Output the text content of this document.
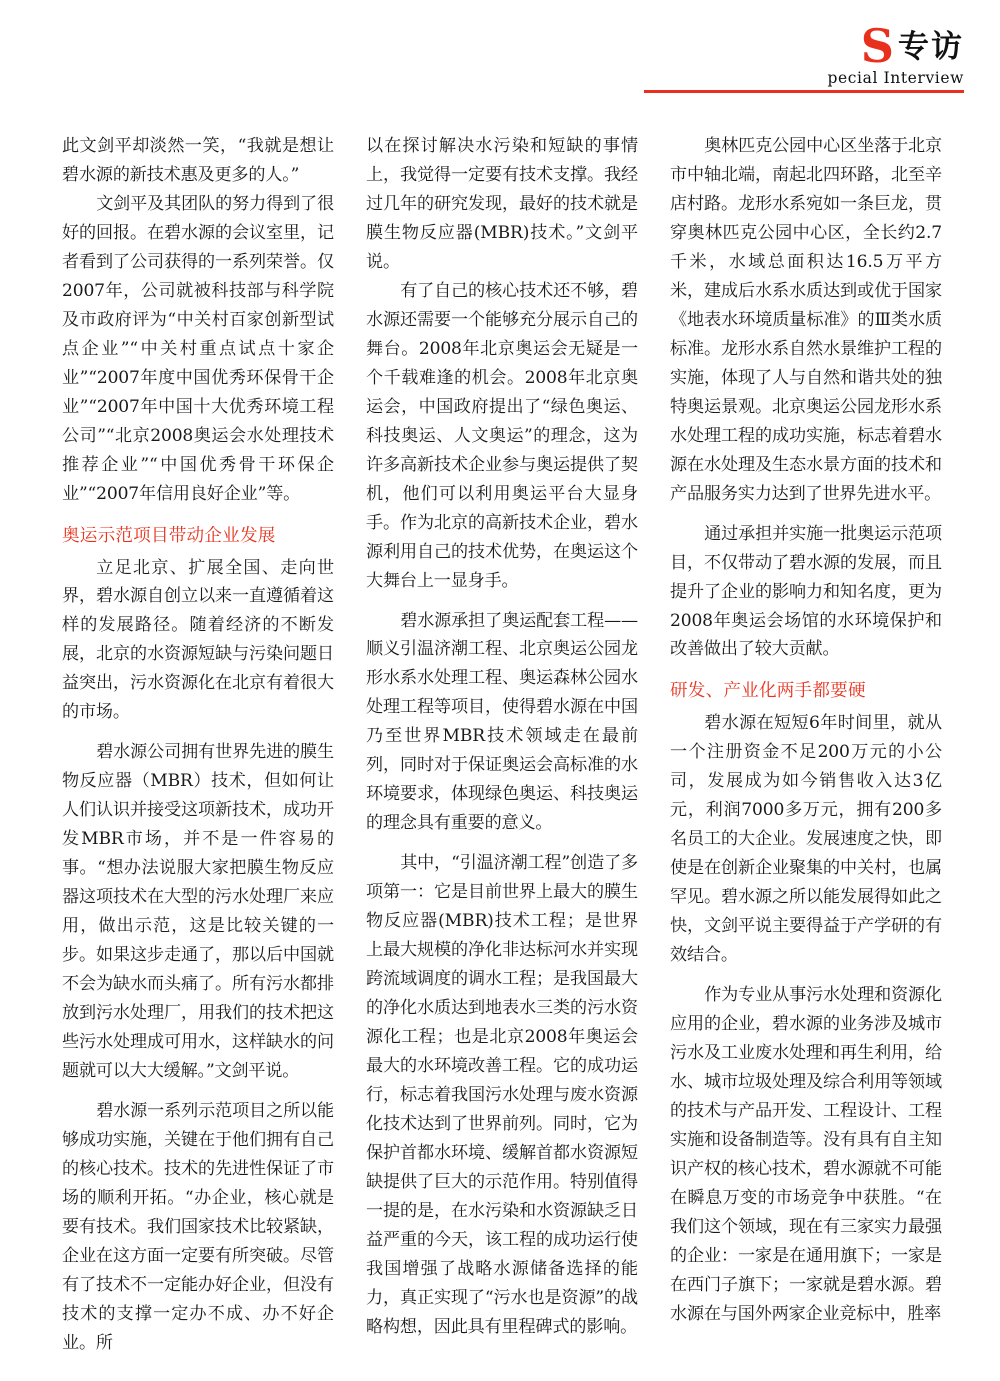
S 专访
pecial Interview

此文剑平却淡然一笑，“我就是想让碧水源的新技术惠及更多的人。”

文剑平及其团队的努力得到了很好的回报。在碧水源的会议室里，记者看到了公司获得的一系列荣誉。仅2007年，公司就被科技部与科学院及市政府评为“中关村百家创新型试点企业”“中关村重点试点十家企业”“2007年度中国优秀环保骨干企业”“2007年中国十大优秀环境工程公司”“北京2008奥运会水处理技术推荐企业”“中国优秀骨干环保企业”“2007年信用良好企业”等。

奥运示范项目带动企业发展

立足北京、扩展全国、走向世界，碧水源自创立以来一直遵循着这样的发展路径。随着经济的不断发展，北京的水资源短缺与污染问题日益突出，污水资源化在北京有着很大的市场。

碧水源公司拥有世界先进的膜生物反应器（MBR）技术，但如何让人们认识并接受这项新技术，成功开发MBR市场，并不是一件容易的事。“想办法说服大家把膜生物反应器这项技术在大型的污水处理厂来应用，做出示范，这是比较关键的一步。如果这步走通了，那以后中国就不会为缺水而头痛了。所有污水都排放到污水处理厂，用我们的技术把这些污水处理成可用水，这样缺水的问题就可以大大缓解。”文剑平说。

碧水源一系列示范项目之所以能够成功实施，关键在于他们拥有自己的核心技术。技术的先进性保证了市场的顺利开拓。“办企业，核心就是要有技术。我们国家技术比较紧缺，企业在这方面一定要有所突破。尽管有了技术不一定能办好企业，但没有技术的支撑一定办不成、办不好企业。所

以在探讨解决水污染和短缺的事情上，我觉得一定要有技术支撑。我经过几年的研究发现，最好的技术就是膜生物反应器(MBR)技术。”文剑平说。

有了自己的核心技术还不够，碧水源还需要一个能够充分展示自己的舞台。2008年北京奥运会无疑是一个千载难逢的机会。2008年北京奥运会，中国政府提出了“绿色奥运、科技奥运、人文奥运”的理念，这为许多高新技术企业参与奥运提供了契机，他们可以利用奥运平台大显身手。作为北京的高新技术企业，碧水源利用自己的技术优势，在奥运这个大舞台上一显身手。

碧水源承担了奥运配套工程——顺义引温济潮工程、北京奥运公园龙形水系水处理工程、奥运森林公园水处理工程等项目，使得碧水源在中国乃至世界MBR技术领域走在最前列，同时对于保证奥运会高标准的水环境要求，体现绿色奥运、科技奥运的理念具有重要的意义。

其中，“引温济潮工程”创造了多项第一：它是目前世界上最大的膜生物反应器(MBR)技术工程；是世界上最大规模的净化非达标河水并实现跨流域调度的调水工程；是我国最大的净化水质达到地表水三类的污水资源化工程；也是北京2008年奥运会最大的水环境改善工程。它的成功运行，标志着我国污水处理与废水资源化技术达到了世界前列。同时，它为保护首都水环境、缓解首都水资源短缺提供了巨大的示范作用。特别值得一提的是，在水污染和水资源缺乏日益严重的今天，该工程的成功运行使我国增强了战略水源储备选择的能力，真正实现了“污水也是资源”的战略构想，因此具有里程碑式的影响。

奥林匹克公园中心区坐落于北京市中轴北端，南起北四环路，北至辛店村路。龙形水系宛如一条巨龙，贯穿奥林匹克公园中心区，全长约2.7千米，水域总面积达16.5万平方米，建成后水系水质达到或优于国家《地表水环境质量标准》的Ⅲ类水质标准。龙形水系自然水景维护工程的实施，体现了人与自然和谐共处的独特奥运景观。北京奥运公园龙形水系水处理工程的成功实施，标志着碧水源在水处理及生态水景方面的技术和产品服务实力达到了世界先进水平。

通过承担并实施一批奥运示范项目，不仅带动了碧水源的发展，而且提升了企业的影响力和知名度，更为2008年奥运会场馆的水环境保护和改善做出了较大贡献。

研发、产业化两手都要硬

碧水源在短短6年时间里，就从一个注册资金不足200万元的小公司，发展成为如今销售收入达3亿元，利润7000多万元，拥有200多名员工的大企业。发展速度之快，即使是在创新企业聚集的中关村，也属罕见。碧水源之所以能发展得如此之快，文剑平说主要得益于产学研的有效结合。

作为专业从事污水处理和资源化应用的企业，碧水源的业务涉及城市污水及工业废水处理和再生利用，给水、城市垃圾处理及综合利用等领域的技术与产品开发、工程设计、工程实施和设备制造等。没有具有自主知识产权的核心技术，碧水源就不可能在瞬息万变的市场竞争中获胜。“在我们这个领域，现在有三家实力最强的企业：一家是在通用旗下；一家是在西门子旗下；一家就是碧水源。碧水源在与国外两家企业竞标中，胜率
